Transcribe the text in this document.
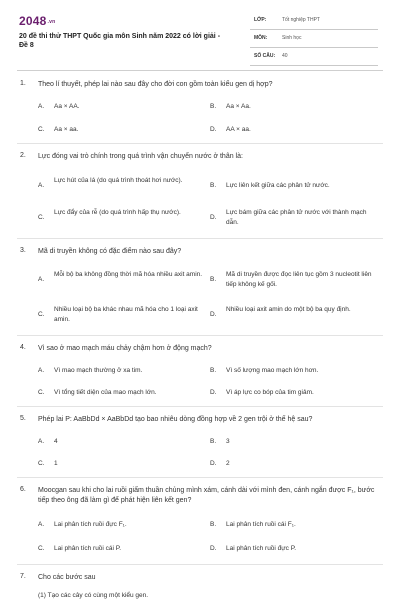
2048.vn
20 đề thi thử THPT Quốc gia môn Sinh năm 2022 có lời giải - Đề 8
LỚP:	Tốt nghiệp THPT
MÔN:	Sinh học
SỐ CÂU: 40
1. Theo lí thuyết, phép lai nào sau đây cho đời con gồm toàn kiểu gen dị hợp?
A. Aa × AA.	B. Aa × Aa.
C. Aa × aa.	D. AA × aa.
2. Lực đóng vai trò chính trong quá trình vận chuyển nước ở thân là:
A.
Lực hút của lá (do quá trình thoát hơi nước).
B. Lực liên kết giữa các phân tử nước.
C.
Lực đẩy của rễ (do quá trình hấp thụ nước).
D.
Lực bám giữa các phân tử nước với thành mạch dẫn.
3. Mã di truyền không có đặc điểm nào sau đây?
A.
Mỗi bộ ba không đồng thời mã hóa nhiều axit amin.
B.
Mã di truyền được đọc liên tục gồm 3 nucleotit liên tiếp không kế gối.
C.
Nhiều loại bộ ba khác nhau mã hóa cho 1 loại axit amin.
D.
Nhiều loại axit amin do một bộ ba quy định.
4. Vì sao ở mao mạch máu chảy chậm hơn ở động mạch?
A. Vì mao mạch thường ở xa tim.	B. Vì số lượng mao mạch lớn hơn.
C. Vì tổng tiết diện của mao mạch lớn.	D. Vì áp lực co bóp của tim giảm.
5. Phép lai P: AaBbDd × AaBbDd tạo bao nhiêu dòng đồng hợp về 2 gen trội ở thế hệ sau?
A. 4	B. 3
C. 1	D. 2
6. Moocgan sau khi cho lai ruồi giấm thuần chủng mình xám, cánh dài với mình đen, cánh ngắn được F₁, bước tiếp theo ông đã làm gì để phát hiện liên kết gen?
A. Lai phân tích ruồi đực F₁.	B. Lai phân tích ruồi cái F₁.
C. Lai phân tích ruồi cái P.	D. Lai phân tích ruồi đực P.
7. Cho các bước sau
(1) Tạo các cây có cùng một kiểu gen.
